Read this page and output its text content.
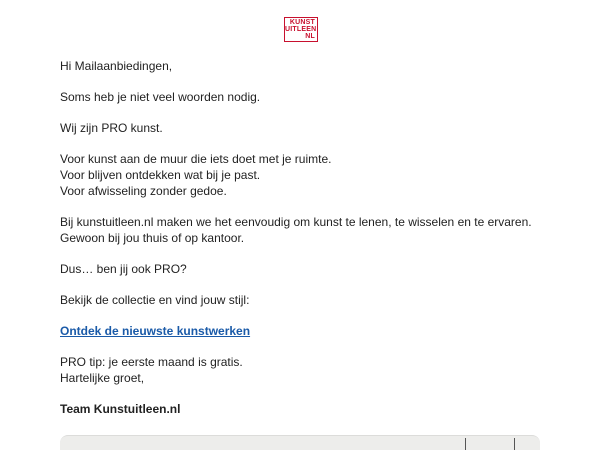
KUNST
UITLEEN
NL

Hi Mailaanbiedingen,

Soms heb je niet veel woorden nodig.

Wij zijn PRO kunst.

Voor kunst aan de muur die iets doet met je ruimte.
Voor blijven ontdekken wat bij je past.
Voor afwisseling zonder gedoe.

Bij kunstuitleen.nl maken we het eenvoudig om kunst te lenen, te wisselen en te ervaren. Gewoon bij jou thuis of op kantoor.

Dus… ben jij ook PRO?

Bekijk de collectie en vind jouw stijl:

Ontdek de nieuwste kunstwerken

PRO tip: je eerste maand is gratis.
Hartelijke groet,

Team Kunstuitleen.nl
